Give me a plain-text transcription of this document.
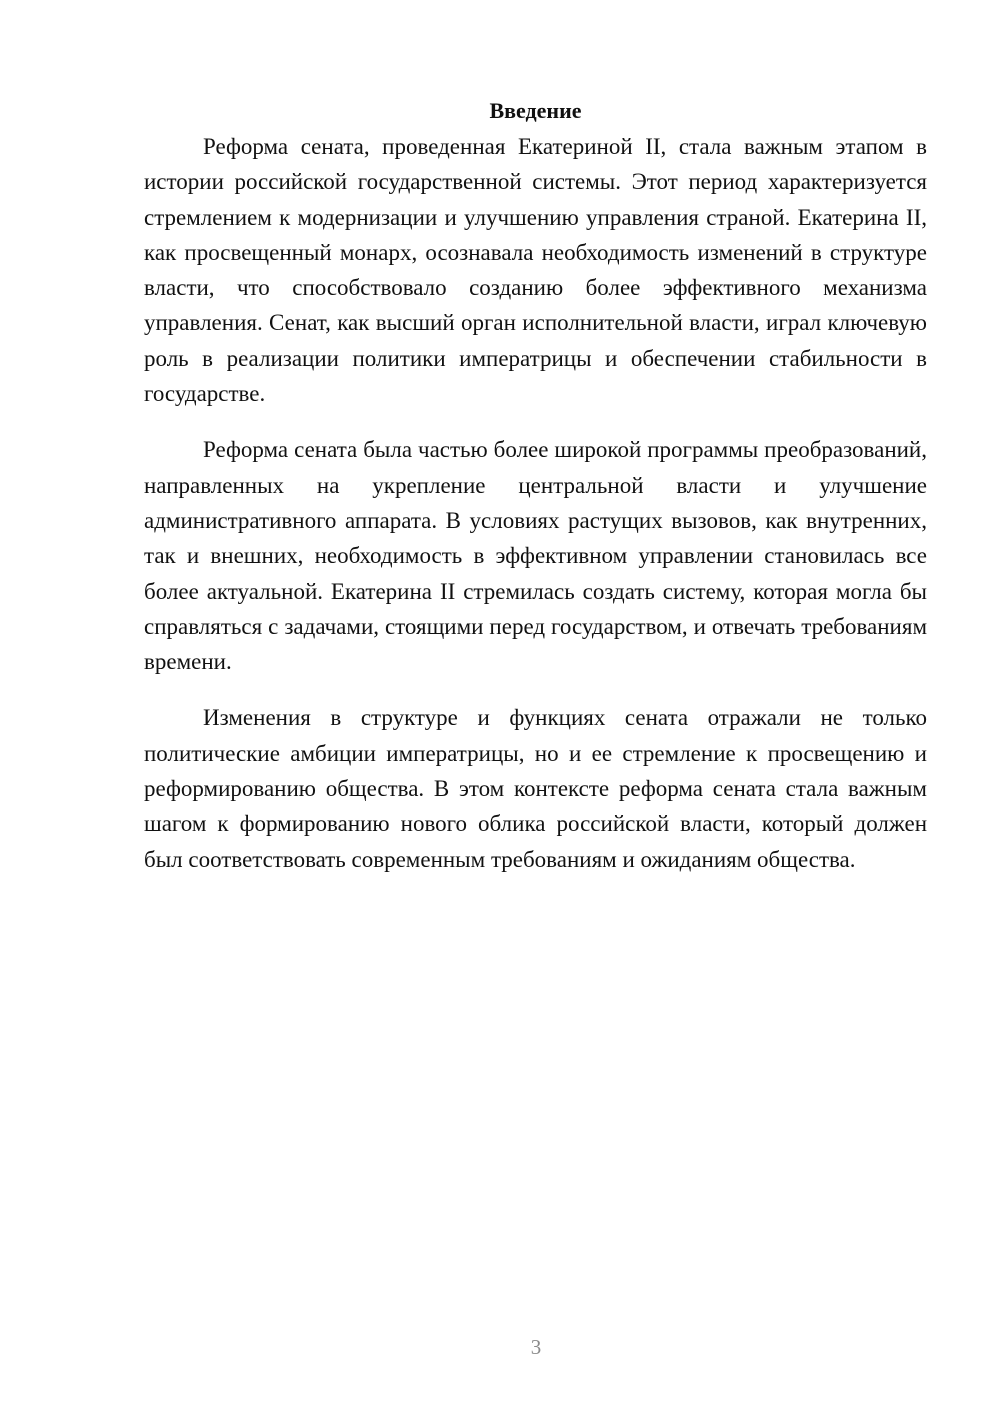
Введение

Реформа сената, проведенная Екатериной II, стала важным этапом в истории российской государственной системы. Этот период характеризуется стремлением к модернизации и улучшению управления страной. Екатерина II, как просвещенный монарх, осознавала необходимость изменений в структуре власти, что способствовало созданию более эффективного механизма управления. Сенат, как высший орган исполнительной власти, играл ключевую роль в реализации политики императрицы и обеспечении стабильности в государстве.

Реформа сената была частью более широкой программы преобразований, направленных на укрепление центральной власти и улучшение административного аппарата. В условиях растущих вызовов, как внутренних, так и внешних, необходимость в эффективном управлении становилась все более актуальной. Екатерина II стремилась создать систему, которая могла бы справляться с задачами, стоящими перед государством, и отвечать требованиям времени.

Изменения в структуре и функциях сената отражали не только политические амбиции императрицы, но и ее стремление к просвещению и реформированию общества. В этом контексте реформа сената стала важным шагом к формированию нового облика российской власти, который должен был соответствовать современным требованиям и ожиданиям общества.

3
